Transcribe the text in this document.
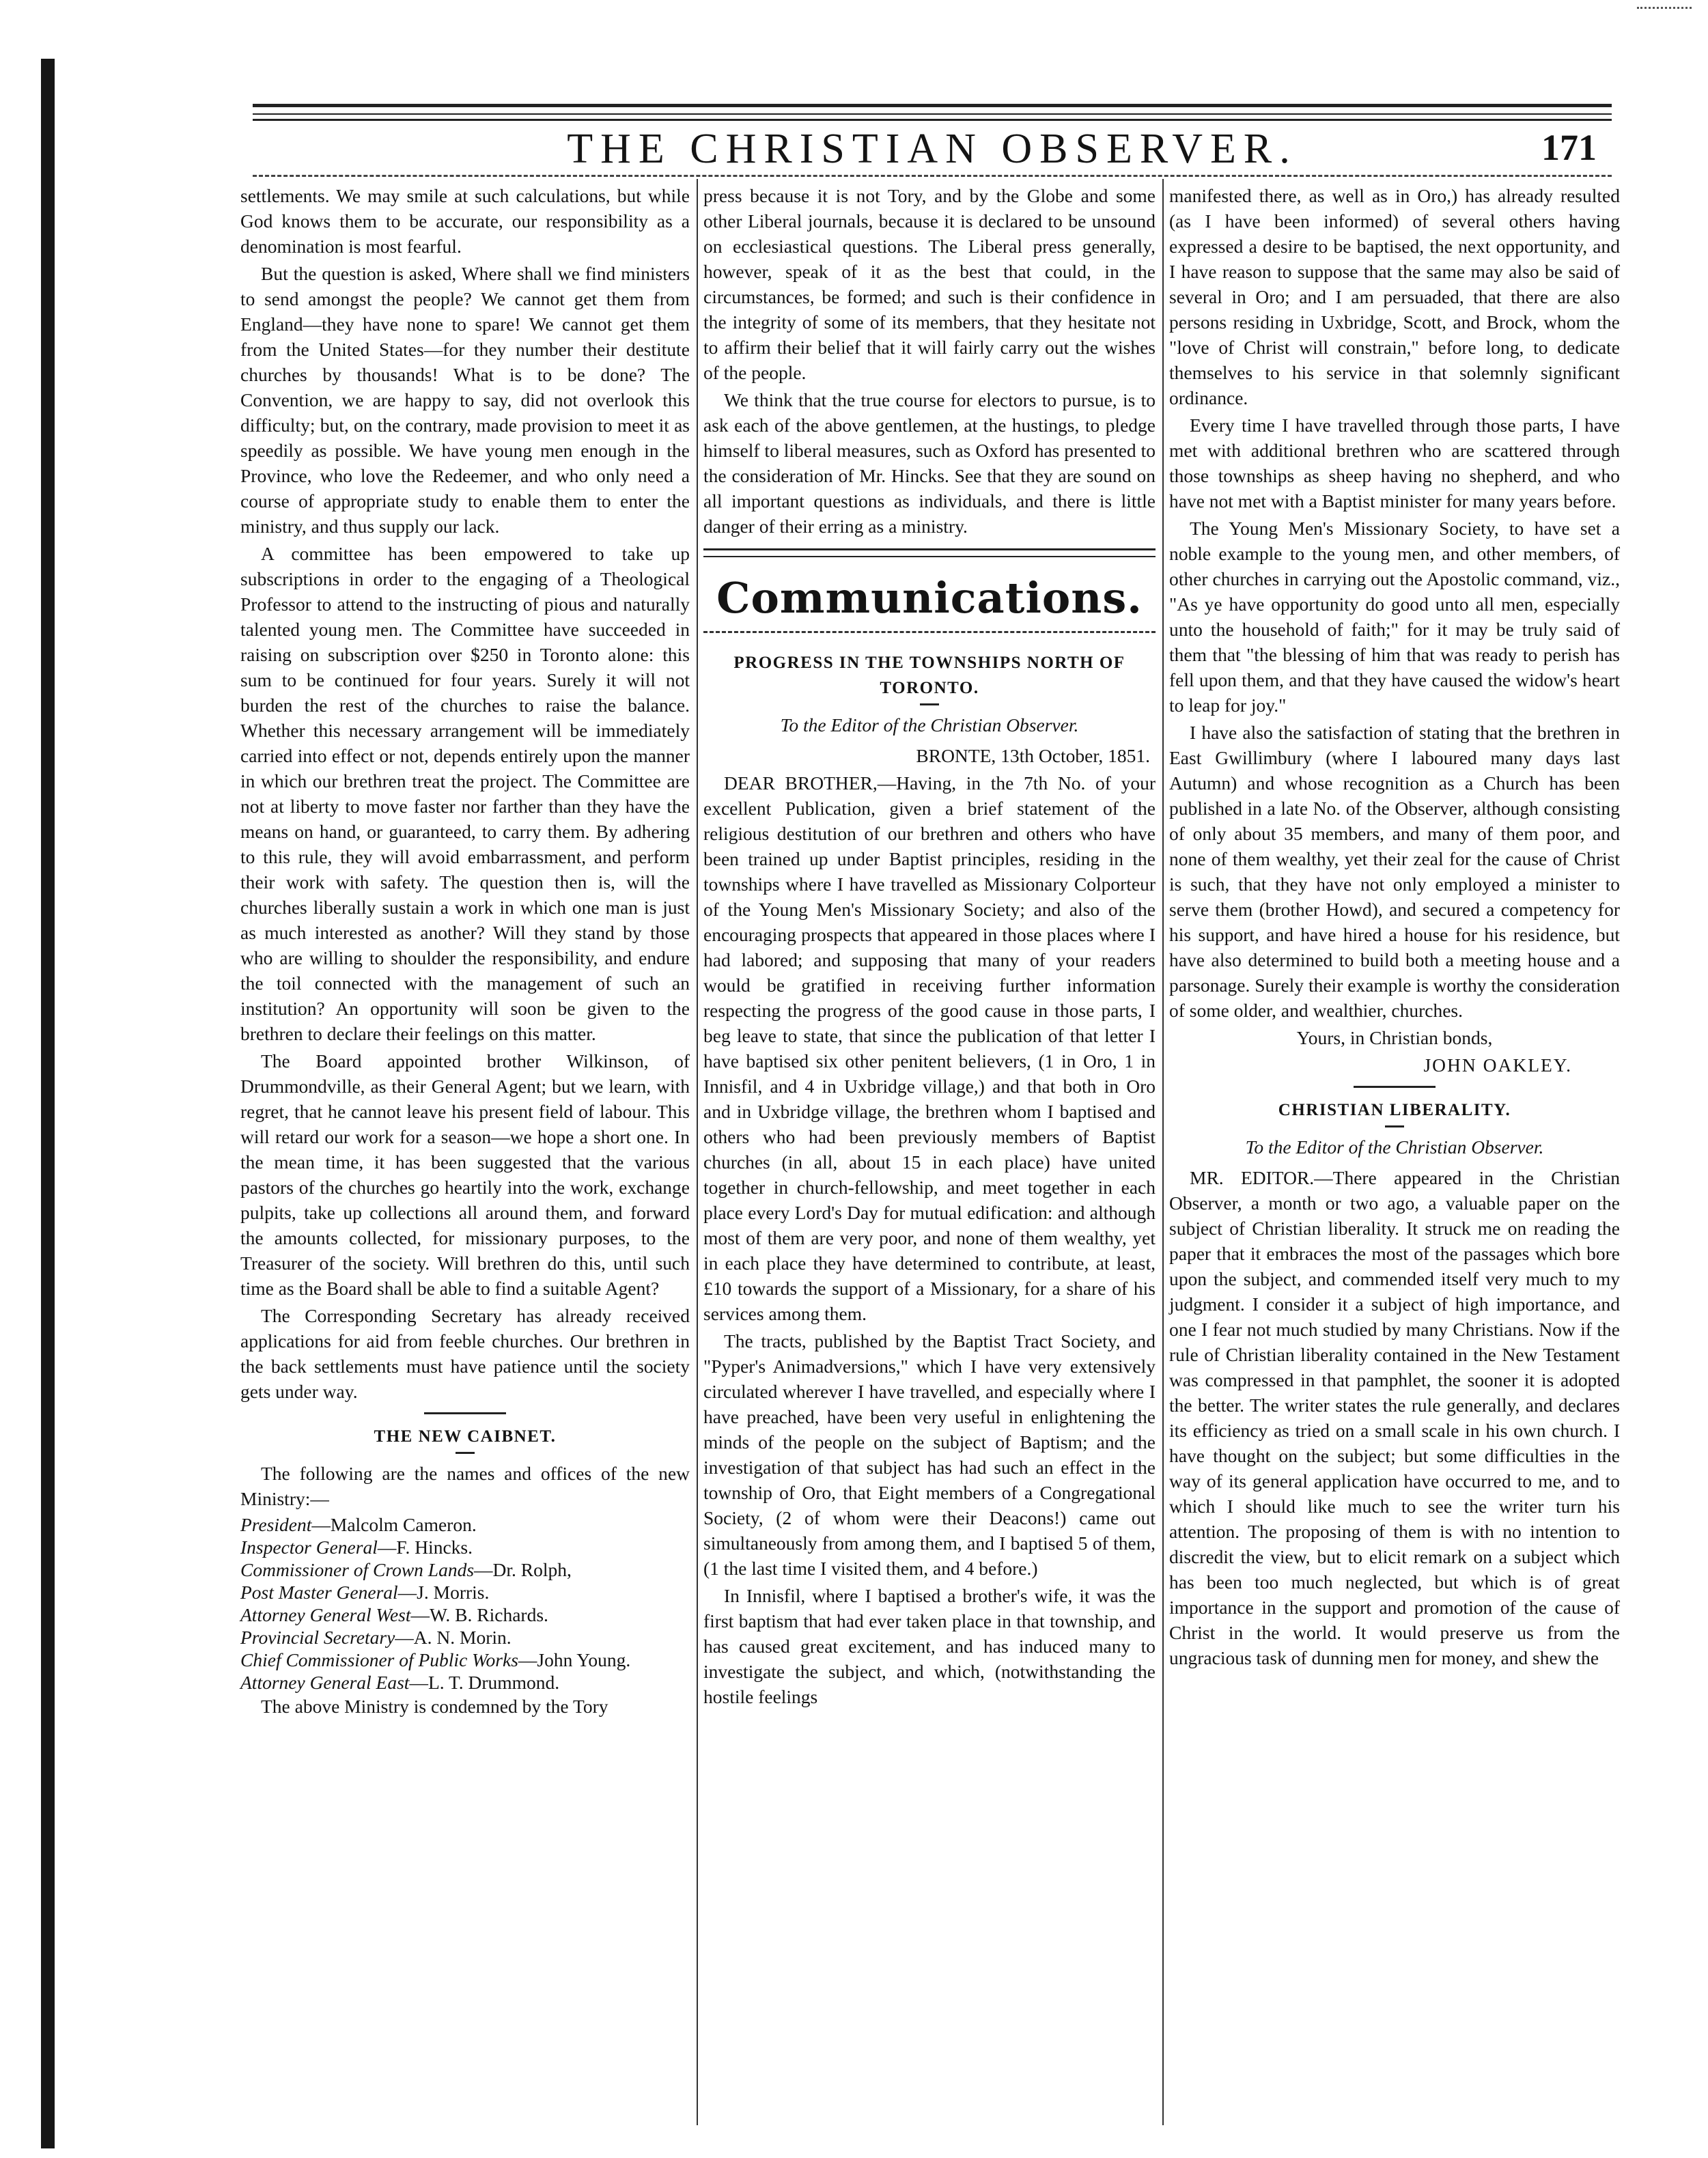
THE CHRISTIAN OBSERVER.	171

settlements. We may smile at such calculations, but while God knows them to be accurate, our responsibility as a denomination is most fearful.

But the question is asked, Where shall we find ministers to send amongst the people? We cannot get them from England—they have none to spare! We cannot get them from the United States—for they number their destitute churches by thousands! What is to be done? The Convention, we are happy to say, did not overlook this difficulty; but, on the contrary, made provision to meet it as speedily as possible. We have young men enough in the Province, who love the Redeemer, and who only need a course of appropriate study to enable them to enter the ministry, and thus supply our lack.

A committee has been empowered to take up subscriptions in order to the engaging of a Theological Professor to attend to the instructing of pious and naturally talented young men. The Committee have succeeded in raising on subscription over $250 in Toronto alone: this sum to be continued for four years. Surely it will not burden the rest of the churches to raise the balance. Whether this necessary arrangement will be immediately carried into effect or not, depends entirely upon the manner in which our brethren treat the project. The Committee are not at liberty to move faster nor farther than they have the means on hand, or guaranteed, to carry them. By adhering to this rule, they will avoid embarrassment, and perform their work with safety. The question then is, will the churches liberally sustain a work in which one man is just as much interested as another? Will they stand by those who are willing to shoulder the responsibility, and endure the toil connected with the management of such an institution? An opportunity will soon be given to the brethren to declare their feelings on this matter.

The Board appointed brother Wilkinson, of Drummondville, as their General Agent; but we learn, with regret, that he cannot leave his present field of labour. This will retard our work for a season—we hope a short one. In the mean time, it has been suggested that the various pastors of the churches go heartily into the work, exchange pulpits, take up collections all around them, and forward the amounts collected, for missionary purposes, to the Treasurer of the society. Will brethren do this, until such time as the Board shall be able to find a suitable Agent?

The Corresponding Secretary has already received applications for aid from feeble churches. Our brethren in the back settlements must have patience until the society gets under way.

THE NEW CAIBNET.

The following are the names and offices of the new Ministry:—

President—Malcolm Cameron.
Inspector General—F. Hincks.
Commissioner of Crown Lands—Dr. Rolph,
Post Master General—J. Morris.
Attorney General West—W. B. Richards.
Provincial Secretary—A. N. Morin.
Chief Commissioner of Public Works—John Young.
Attorney General East—L. T. Drummond.

The above Ministry is condemned by the Tory

press because it is not Tory, and by the Globe and some other Liberal journals, because it is declared to be unsound on ecclesiastical questions. The Liberal press generally, however, speak of it as the best that could, in the circumstances, be formed; and such is their confidence in the integrity of some of its members, that they hesitate not to affirm their belief that it will fairly carry out the wishes of the people.

We think that the true course for electors to pursue, is to ask each of the above gentlemen, at the hustings, to pledge himself to liberal measures, such as Oxford has presented to the consideration of Mr. Hincks. See that they are sound on all important questions as individuals, and there is little danger of their erring as a ministry.

Communications.
PROGRESS IN THE TOWNSHIPS NORTH OF TORONTO.

To the Editor of the Christian Observer.

BRONTE, 13th October, 1851.

DEAR BROTHER,—Having, in the 7th No. of your excellent Publication, given a brief statement of the religious destitution of our brethren and others who have been trained up under Baptist principles, residing in the townships where I have travelled as Missionary Colporteur of the Young Men's Missionary Society; and also of the encouraging prospects that appeared in those places where I had labored; and supposing that many of your readers would be gratified in receiving further information respecting the progress of the good cause in those parts, I beg leave to state, that since the publication of that letter I have baptised six other penitent believers, (1 in Oro, 1 in Innisfil, and 4 in Uxbridge village,) and that both in Oro and in Uxbridge village, the brethren whom I baptised and others who had been previously members of Baptist churches (in all, about 15 in each place) have united together in church-fellowship, and meet together in each place every Lord's Day for mutual edification: and although most of them are very poor, and none of them wealthy, yet in each place they have determined to contribute, at least, £10 towards the support of a Missionary, for a share of his services among them.

The tracts, published by the Baptist Tract Society, and "Pyper's Animadversions," which I have very extensively circulated wherever I have travelled, and especially where I have preached, have been very useful in enlightening the minds of the people on the subject of Baptism; and the investigation of that subject has had such an effect in the township of Oro, that Eight members of a Congregational Society, (2 of whom were their Deacons!) came out simultaneously from among them, and I baptised 5 of them, (1 the last time I visited them, and 4 before.)

In Innisfil, where I baptised a brother's wife, it was the first baptism that had ever taken place in that township, and has caused great excitement, and has induced many to investigate the subject, and which, (notwithstanding the hostile feelings

manifested there, as well as in Oro,) has already resulted (as I have been informed) of several others having expressed a desire to be baptised, the next opportunity, and I have reason to suppose that the same may also be said of several in Oro; and I am persuaded, that there are also persons residing in Uxbridge, Scott, and Brock, whom the "love of Christ will constrain," before long, to dedicate themselves to his service in that solemnly significant ordinance.

Every time I have travelled through those parts, I have met with additional brethren who are scattered through those townships as sheep having no shepherd, and who have not met with a Baptist minister for many years before.

The Young Men's Missionary Society, to have set a noble example to the young men, and other members, of other churches in carrying out the Apostolic command, viz., "As ye have opportunity do good unto all men, especially unto the household of faith;" for it may be truly said of them that "the blessing of him that was ready to perish has fell upon them, and that they have caused the widow's heart to leap for joy."

I have also the satisfaction of stating that the brethren in East Gwillimbury (where I laboured many days last Autumn) and whose recognition as a Church has been published in a late No. of the Observer, although consisting of only about 35 members, and many of them poor, and none of them wealthy, yet their zeal for the cause of Christ is such, that they have not only employed a minister to serve them (brother Howd), and secured a competency for his support, and have hired a house for his residence, but have also determined to build both a meeting house and a parsonage. Surely their example is worthy the consideration of some older, and wealthier, churches.

Yours, in Christian bonds,

JOHN OAKLEY.

CHRISTIAN LIBERALITY.

To the Editor of the Christian Observer.

MR. EDITOR.—There appeared in the Christian Observer, a month or two ago, a valuable paper on the subject of Christian liberality. It struck me on reading the paper that it embraces the most of the passages which bore upon the subject, and commended itself very much to my judgment. I consider it a subject of high importance, and one I fear not much studied by many Christians. Now if the rule of Christian liberality contained in the New Testament was compressed in that pamphlet, the sooner it is adopted the better. The writer states the rule generally, and declares its efficiency as tried on a small scale in his own church. I have thought on the subject; but some difficulties in the way of its general application have occurred to me, and to which I should like much to see the writer turn his attention. The proposing of them is with no intention to discredit the view, but to elicit remark on a subject which has been too much neglected, but which is of great importance in the support and promotion of the cause of Christ in the world. It would preserve us from the ungracious task of dunning men for money, and shew the
